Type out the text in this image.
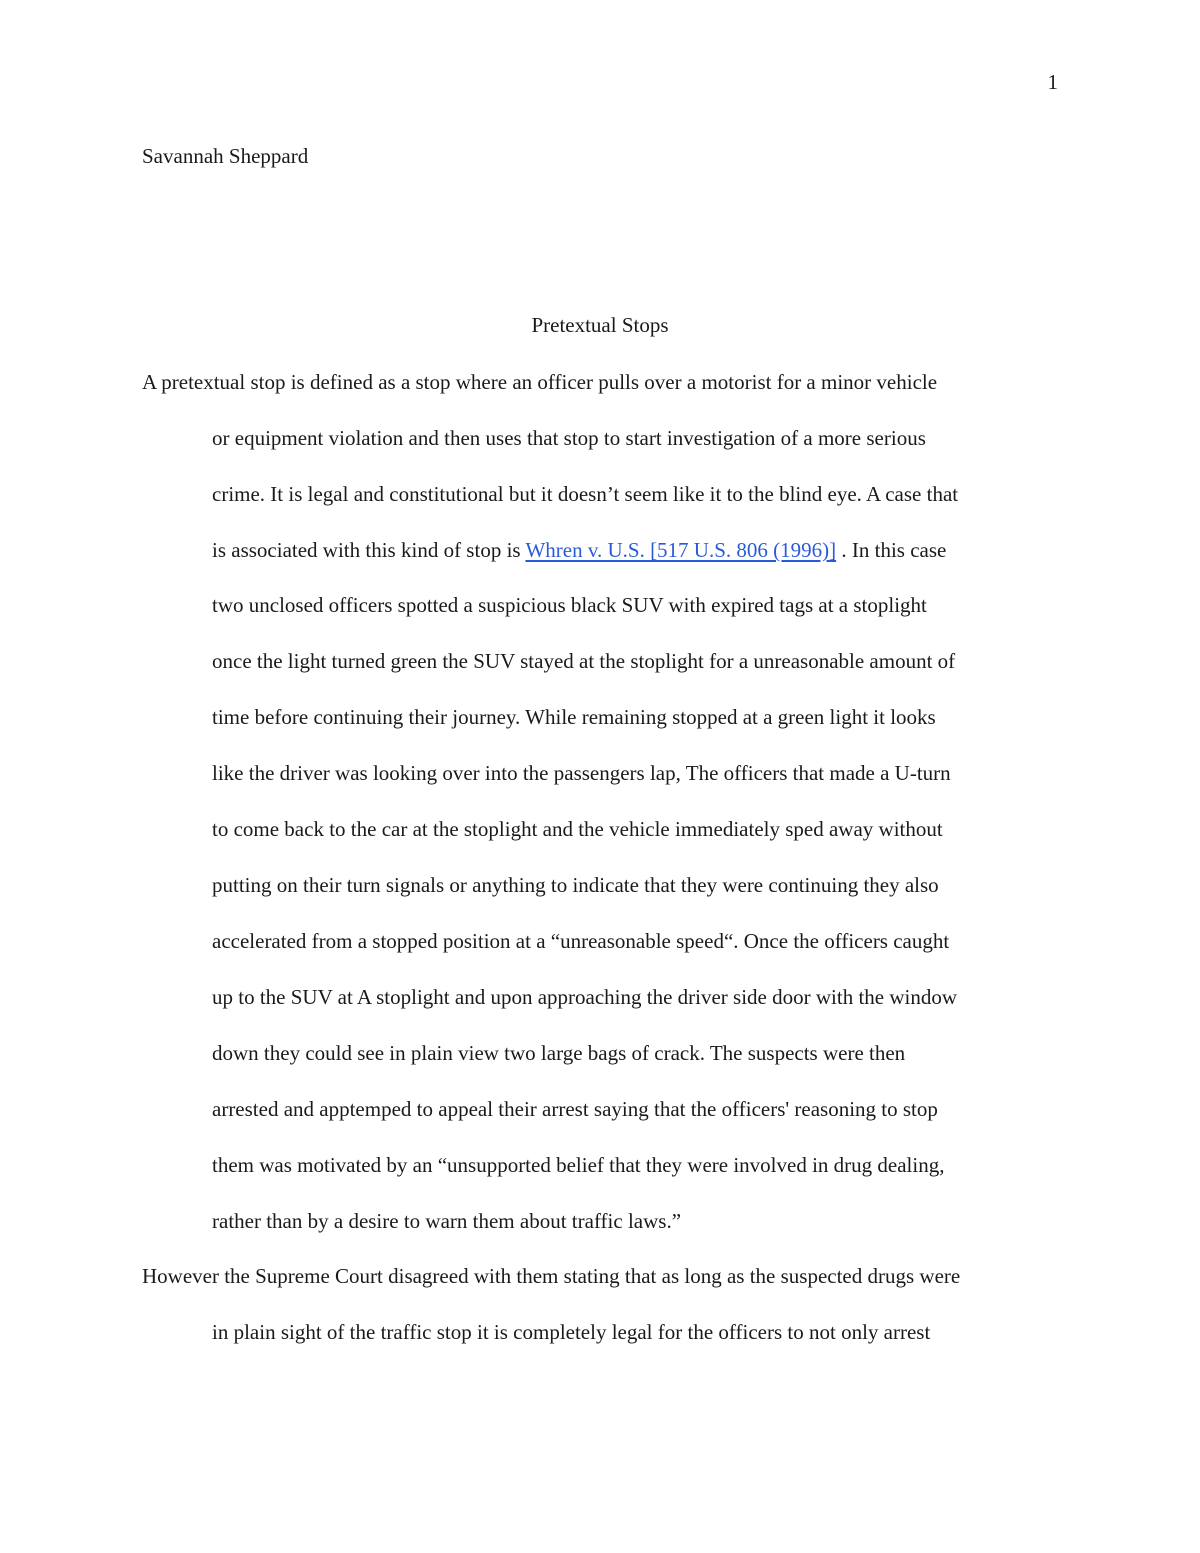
1
Savannah Sheppard
Pretextual Stops
A pretextual stop is defined as a stop where an officer pulls over a motorist for a minor vehicle
or equipment violation and then uses that stop to start investigation of a more serious
crime. It is legal and constitutional but it doesn’t seem like it to the blind eye. A case that
is associated with this kind of stop is Whren v. U.S. [517 U.S. 806 (1996)] . In this case
two unclosed officers spotted a suspicious black SUV with expired tags at a stoplight
once the light turned green the SUV stayed at the stoplight for a unreasonable amount of
time before continuing their journey. While remaining stopped at a green light it looks
like the driver was looking over into the passengers lap, The officers that made a U-turn
to come back to the car at the stoplight and the vehicle immediately sped away without
putting on their turn signals or anything to indicate that they were continuing they also
accelerated from a stopped position at a “unreasonable speed“. Once the officers caught
up to the SUV at A stoplight and upon approaching the driver side door with the window
down they could see in plain view two large bags of crack. The suspects were then
arrested and apptemped to appeal their arrest saying that the officers' reasoning to stop
them was motivated by an “unsupported belief that they were involved in drug dealing,
rather than by a desire to warn them about traffic laws.”
However the Supreme Court disagreed with them stating that as long as the suspected drugs were
in plain sight of the traffic stop it is completely legal for the officers to not only arrest
